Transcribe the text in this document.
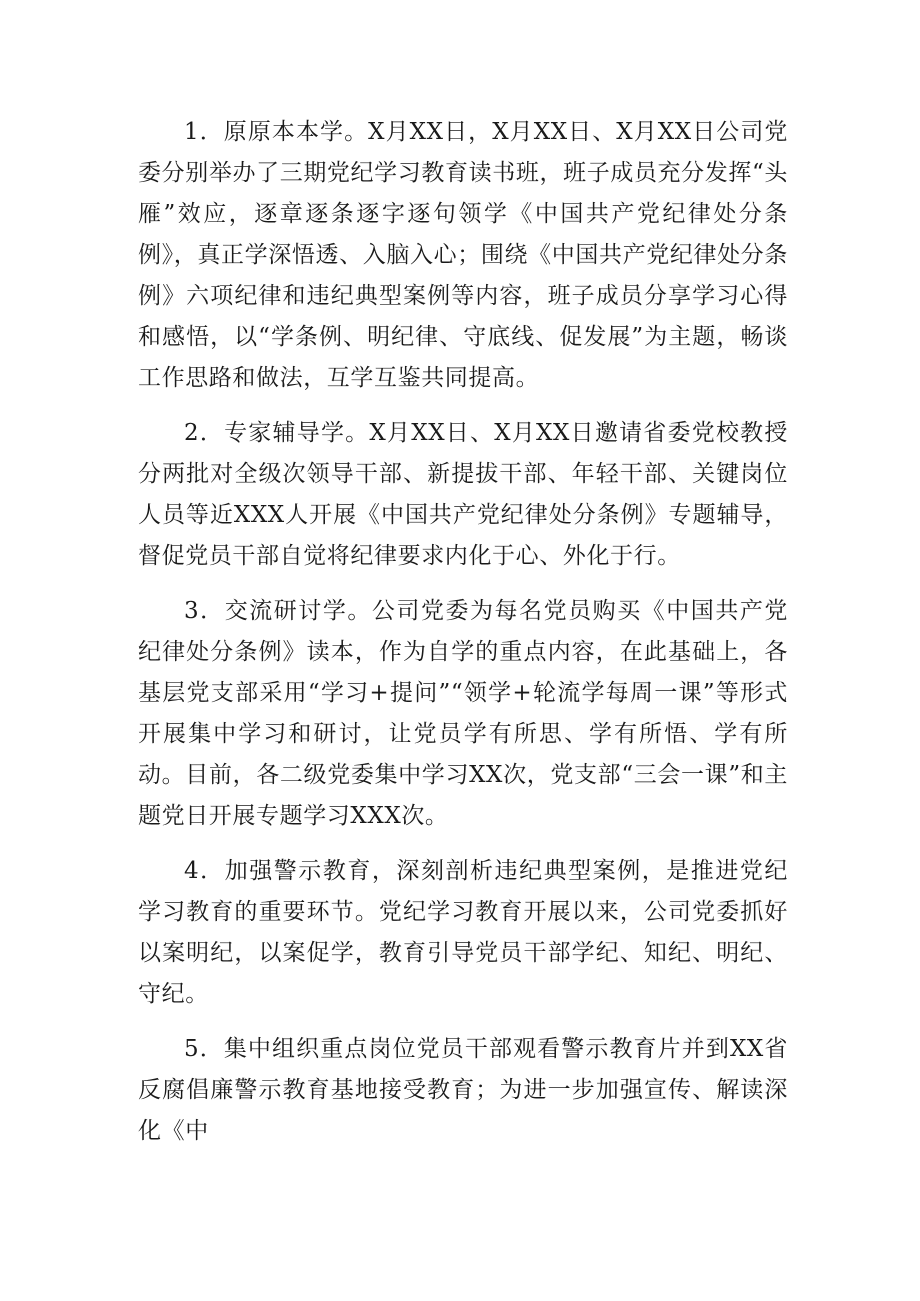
1．原原本本学。X月XX日，X月XX日、X月XX日公司党委分别举办了三期党纪学习教育读书班，班子成员充分发挥“头雁”效应，逐章逐条逐字逐句领学《中国共产党纪律处分条例》，真正学深悟透、入脑入心；围绕《中国共产党纪律处分条例》六项纪律和违纪典型案例等内容，班子成员分享学习心得和感悟，以“学条例、明纪律、守底线、促发展”为主题，畅谈工作思路和做法，互学互鉴共同提高。

2．专家辅导学。X月XX日、X月XX日邀请省委党校教授分两批对全级次领导干部、新提拔干部、年轻干部、关键岗位人员等近XXX人开展《中国共产党纪律处分条例》专题辅导，督促党员干部自觉将纪律要求内化于心、外化于行。

3．交流研讨学。公司党委为每名党员购买《中国共产党纪律处分条例》读本，作为自学的重点内容，在此基础上，各基层党支部采用“学习+提问”“领学+轮流学每周一课”等形式开展集中学习和研讨，让党员学有所思、学有所悟、学有所动。目前，各二级党委集中学习XX次，党支部“三会一课”和主题党日开展专题学习XXX次。

4．加强警示教育，深刻剖析违纪典型案例，是推进党纪学习教育的重要环节。党纪学习教育开展以来，公司党委抓好以案明纪，以案促学，教育引导党员干部学纪、知纪、明纪、守纪。

5．集中组织重点岗位党员干部观看警示教育片并到XX省反腐倡廉警示教育基地接受教育；为进一步加强宣传、解读深化《中
